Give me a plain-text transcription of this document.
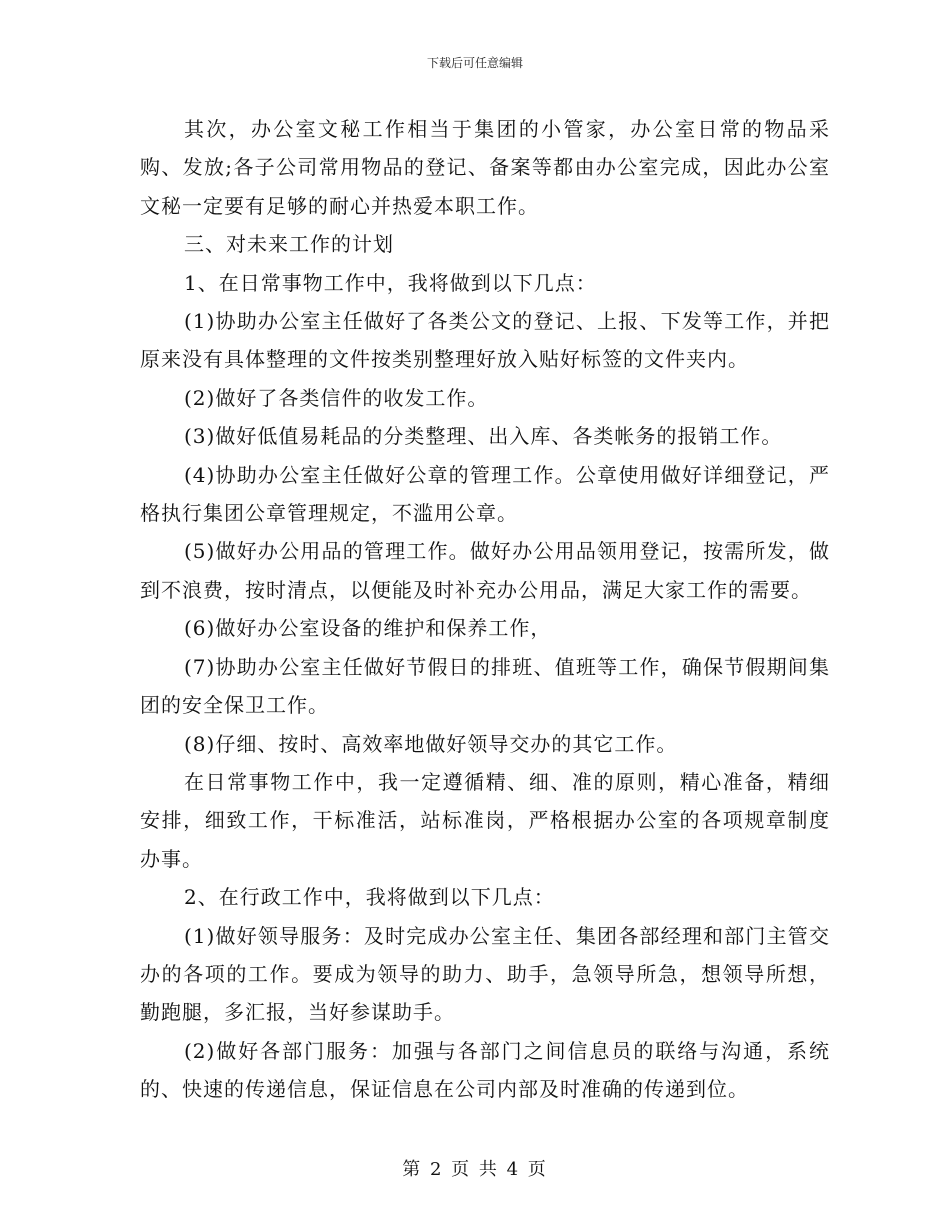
下载后可任意编辑

其次，办公室文秘工作相当于集团的小管家，办公室日常的物品采购、发放;各子公司常用物品的登记、备案等都由办公室完成，因此办公室文秘一定要有足够的耐心并热爱本职工作。

三、对未来工作的计划

1、在日常事物工作中，我将做到以下几点：

(1)协助办公室主任做好了各类公文的登记、上报、下发等工作，并把原来没有具体整理的文件按类别整理好放入贴好标签的文件夹内。

(2)做好了各类信件的收发工作。

(3)做好低值易耗品的分类整理、出入库、各类帐务的报销工作。

(4)协助办公室主任做好公章的管理工作。公章使用做好详细登记，严格执行集团公章管理规定，不滥用公章。

(5)做好办公用品的管理工作。做好办公用品领用登记，按需所发，做到不浪费，按时清点，以便能及时补充办公用品，满足大家工作的需要。

(6)做好办公室设备的维护和保养工作，

(7)协助办公室主任做好节假日的排班、值班等工作，确保节假期间集团的安全保卫工作。

(8)仔细、按时、高效率地做好领导交办的其它工作。

在日常事物工作中，我一定遵循精、细、准的原则，精心准备，精细安排，细致工作，干标准活，站标准岗，严格根据办公室的各项规章制度办事。

2、在行政工作中，我将做到以下几点：

(1)做好领导服务：及时完成办公室主任、集团各部经理和部门主管交办的各项的工作。要成为领导的助力、助手，急领导所急，想领导所想，勤跑腿，多汇报，当好参谋助手。

(2)做好各部门服务：加强与各部门之间信息员的联络与沟通，系统的、快速的传递信息，保证信息在公司内部及时准确的传递到位。

第 2 页 共 4 页
